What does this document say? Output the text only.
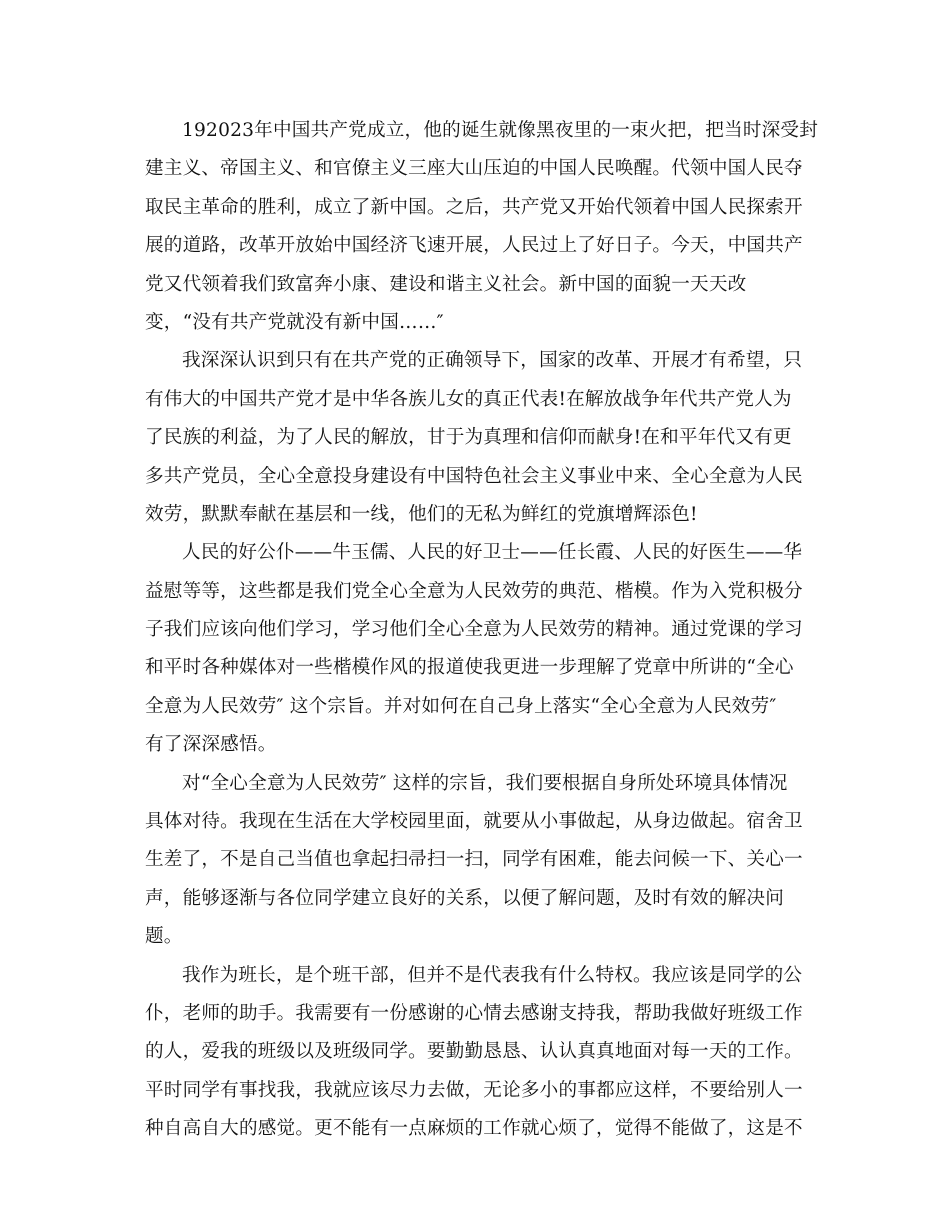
192023年中国共产党成立，他的诞生就像黑夜里的一束火把，把当时深受封
建主义、帝国主义、和官僚主义三座大山压迫的中国人民唤醒。代领中国人民夺
取民主革命的胜利，成立了新中国。之后，共产党又开始代领着中国人民探索开
展的道路，改革开放始中国经济飞速开展，人民过上了好日子。今天，中国共产
党又代领着我们致富奔小康、建设和谐主义社会。新中国的面貌一天天改
变，“没有共产党就没有新中国……″
我深深认识到只有在共产党的正确领导下，国家的改革、开展才有希望，只
有伟大的中国共产党才是中华各族儿女的真正代表!在解放战争年代共产党人为
了民族的利益，为了人民的解放，甘于为真理和信仰而献身!在和平年代又有更
多共产党员，全心全意投身建设有中国特色社会主义事业中来、全心全意为人民
效劳，默默奉献在基层和一线，他们的无私为鲜红的党旗增辉添色!
人民的好公仆——牛玉儒、人民的好卫士——任长霞、人民的好医生——华
益慰等等，这些都是我们党全心全意为人民效劳的典范、楷模。作为入党积极分
子我们应该向他们学习，学习他们全心全意为人民效劳的精神。通过党课的学习
和平时各种媒体对一些楷模作风的报道使我更进一步理解了党章中所讲的“全心
全意为人民效劳″ 这个宗旨。并对如何在自己身上落实“全心全意为人民效劳″
有了深深感悟。
对“全心全意为人民效劳″ 这样的宗旨，我们要根据自身所处环境具体情况
具体对待。我现在生活在大学校园里面，就要从小事做起，从身边做起。宿舍卫
生差了，不是自己当值也拿起扫帚扫一扫，同学有困难，能去问候一下、关心一
声，能够逐渐与各位同学建立良好的关系，以便了解问题，及时有效的解决问
题。
我作为班长，是个班干部，但并不是代表我有什么特权。我应该是同学的公
仆，老师的助手。我需要有一份感谢的心情去感谢支持我，帮助我做好班级工作
的人，爱我的班级以及班级同学。要勤勤恳恳、认认真真地面对每一天的工作。
平时同学有事找我，我就应该尽力去做，无论多小的事都应这样，不要给别人一
种自高自大的感觉。更不能有一点麻烦的工作就心烦了，觉得不能做了，这是不
